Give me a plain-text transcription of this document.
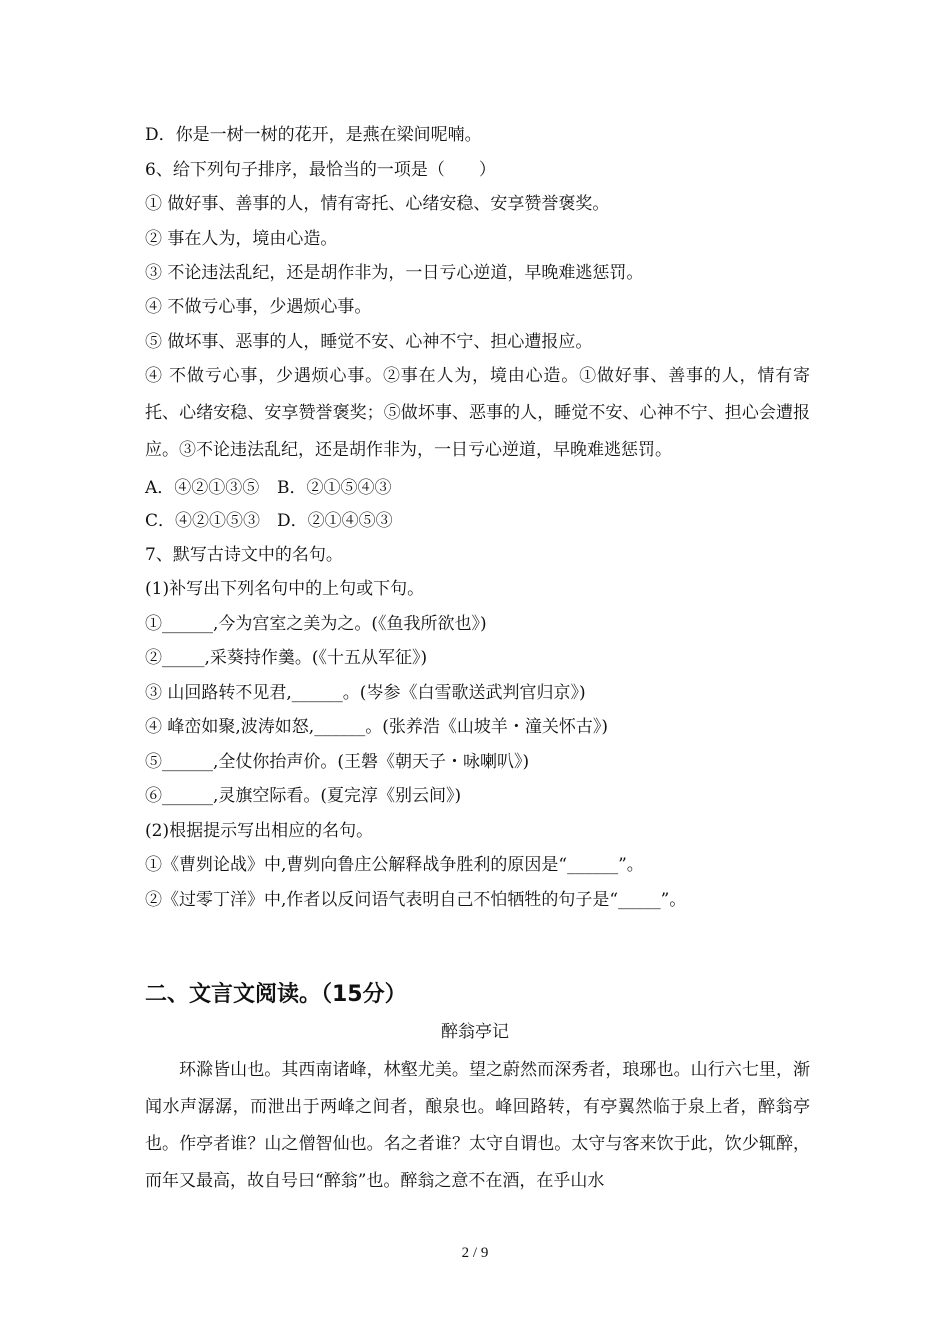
D．你是一树一树的花开，是燕在梁间呢喃。
6、给下列句子排序，最恰当的一项是（　　）
① 做好事、善事的人，情有寄托、心绪安稳、安享赞誉褒奖。
② 事在人为，境由心造。
③ 不论违法乱纪，还是胡作非为，一日亏心逆道，早晚难逃惩罚。
④ 不做亏心事，少遇烦心事。
⑤ 做坏事、恶事的人，睡觉不安、心神不宁、担心遭报应。
④ 不做亏心事，少遇烦心事。②事在人为，境由心造。①做好事、善事的人，情有寄托、心绪安稳、安享赞誉褒奖；⑤做坏事、恶事的人，睡觉不安、心神不宁、担心会遭报应。③不论违法乱纪，还是胡作非为，一日亏心逆道，早晚难逃惩罚。
A．④②①③⑤ B．②①⑤④③
C．④②①⑤③ D．②①④⑤③
7、默写古诗文中的名句。
(1)补写出下列名句中的上句或下句。
①______,今为宫室之美为之。(《鱼我所欲也》)
②_____,采葵持作羹。(《十五从军征》)
③ 山回路转不见君,______。(岑参《白雪歌送武判官归京》)
④ 峰峦如聚,波涛如怒,______。(张养浩《山坡羊・潼关怀古》)
⑤______,全仗你抬声价。(王磐《朝天子・咏喇叭》)
⑥______,灵旗空际看。(夏完淳《别云间》)
(2)根据提示写出相应的名句。
①《曹刿论战》中,曹刿向鲁庄公解释战争胜利的原因是“______”。
②《过零丁洋》中,作者以反问语气表明自己不怕牺牲的句子是“_____”。
二、文言文阅读。（15分）
醉翁亭记
环滁皆山也。其西南诸峰，林壑尤美。望之蔚然而深秀者，琅琊也。山行六七里，渐闻水声潺潺，而泄出于两峰之间者，酿泉也。峰回路转，有亭翼然临于泉上者，醉翁亭也。作亭者谁？山之僧智仙也。名之者谁？太守自谓也。太守与客来饮于此，饮少辄醉，而年又最高，故自号曰“醉翁”也。醉翁之意不在酒，在乎山水
2 / 9
